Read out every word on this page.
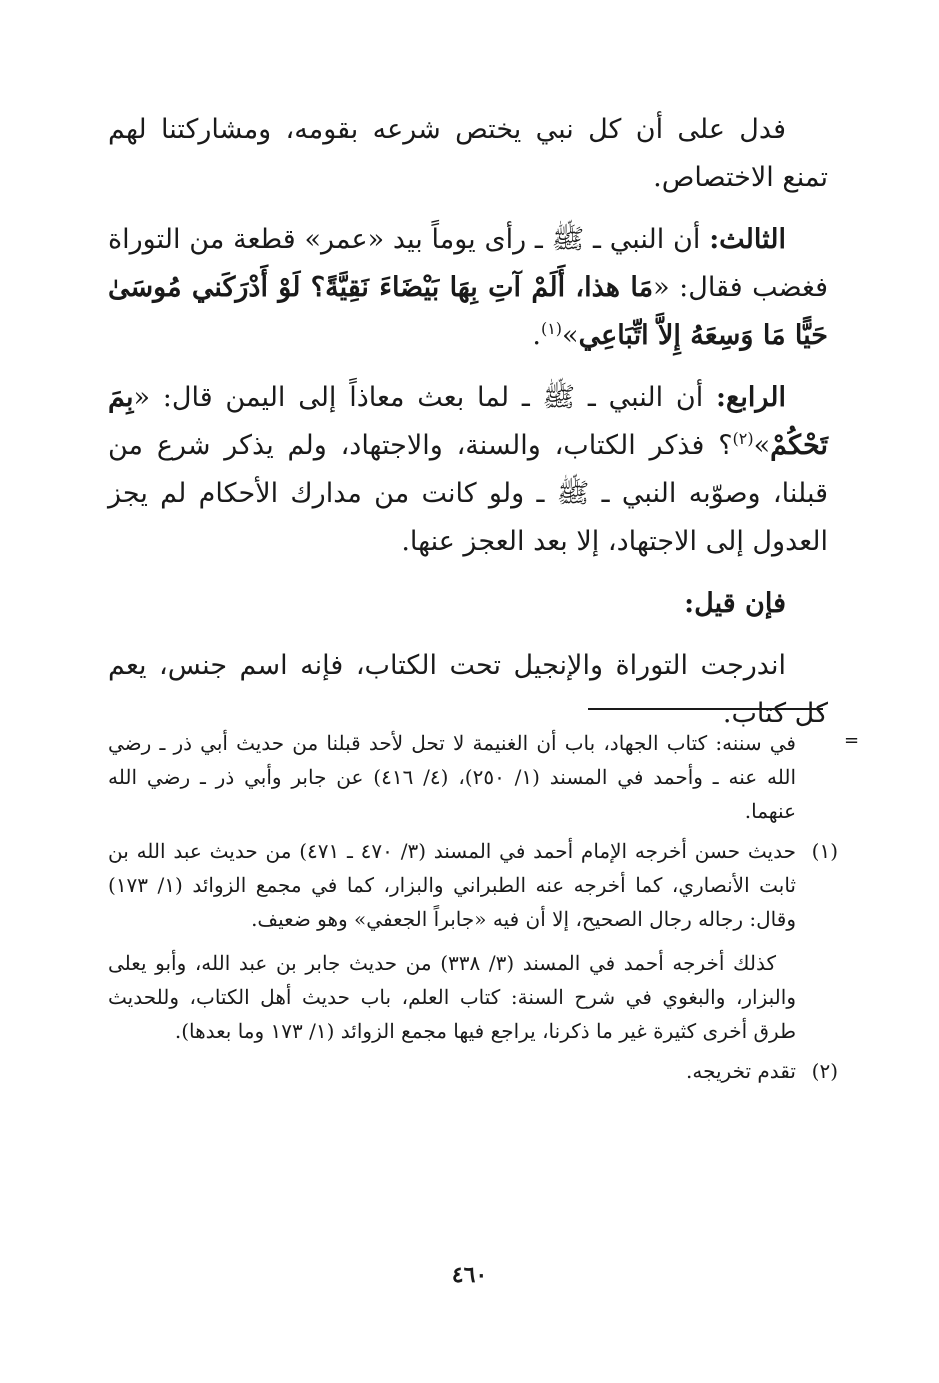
فدل على أن كل نبي يختص شرعه بقومه، ومشاركتنا لهم تمنع الاختصاص.

الثالث: أن النبي ـ ﷺ ـ رأى يوماً بيد «عمر» قطعة من التوراة فغضب فقال: «مَا هذا، أَلَمْ آتِ بِهَا بَيْضَاءَ نَقِيَّةً؟ لَوْ أَدْرَكَني مُوسَىٰ حَيًّا مَا وَسِعَهُ إِلاَّ اتِّبَاعِي»$^{(١)}$.

الرابع: أن النبي ـ ﷺ ـ لما بعث معاذاً إلى اليمن قال: «بِمَ تَحْكُمْ»$^{(٢)}$؟ فذكر الكتاب، والسنة، والاجتهاد، ولم يذكر شرع من قبلنا، وصوّبه النبي ـ ﷺ ـ ولو كانت من مدارك الأحكام لم يجز العدول إلى الاجتهاد، إلا بعد العجز عنها.

فإن قيل:

اندرجت التوراة والإنجيل تحت الكتاب، فإنه اسم جنس، يعم كل كتاب.

=

في سننه: كتاب الجهاد، باب أن الغنيمة لا تحل لأحد قبلنا من حديث أبي ذر ـ رضي الله عنه ـ وأحمد في المسند (١/ ٢٥٠)، (٤/ ٤١٦) عن جابر وأبي ذر ـ رضي الله عنهما.

(١)
حديث حسن أخرجه الإمام أحمد في المسند (٣/ ٤٧٠ ـ ٤٧١) من حديث عبد الله بن ثابت الأنصاري، كما أخرجه عنه الطبراني والبزار، كما في مجمع الزوائد (١/ ١٧٣) وقال: رجاله رجال الصحيح، إلا أن فيه «جابراً الجعفي» وهو ضعيف.

كذلك أخرجه أحمد في المسند (٣/ ٣٣٨) من حديث جابر بن عبد الله، وأبو يعلى والبزار، والبغوي في شرح السنة: كتاب العلم، باب حديث أهل الكتاب، وللحديث طرق أخرى كثيرة غير ما ذكرنا، يراجع فيها مجمع الزوائد (١/ ١٧٣ وما بعدها).

(٢)
تقدم تخريجه.

٤٦٠
